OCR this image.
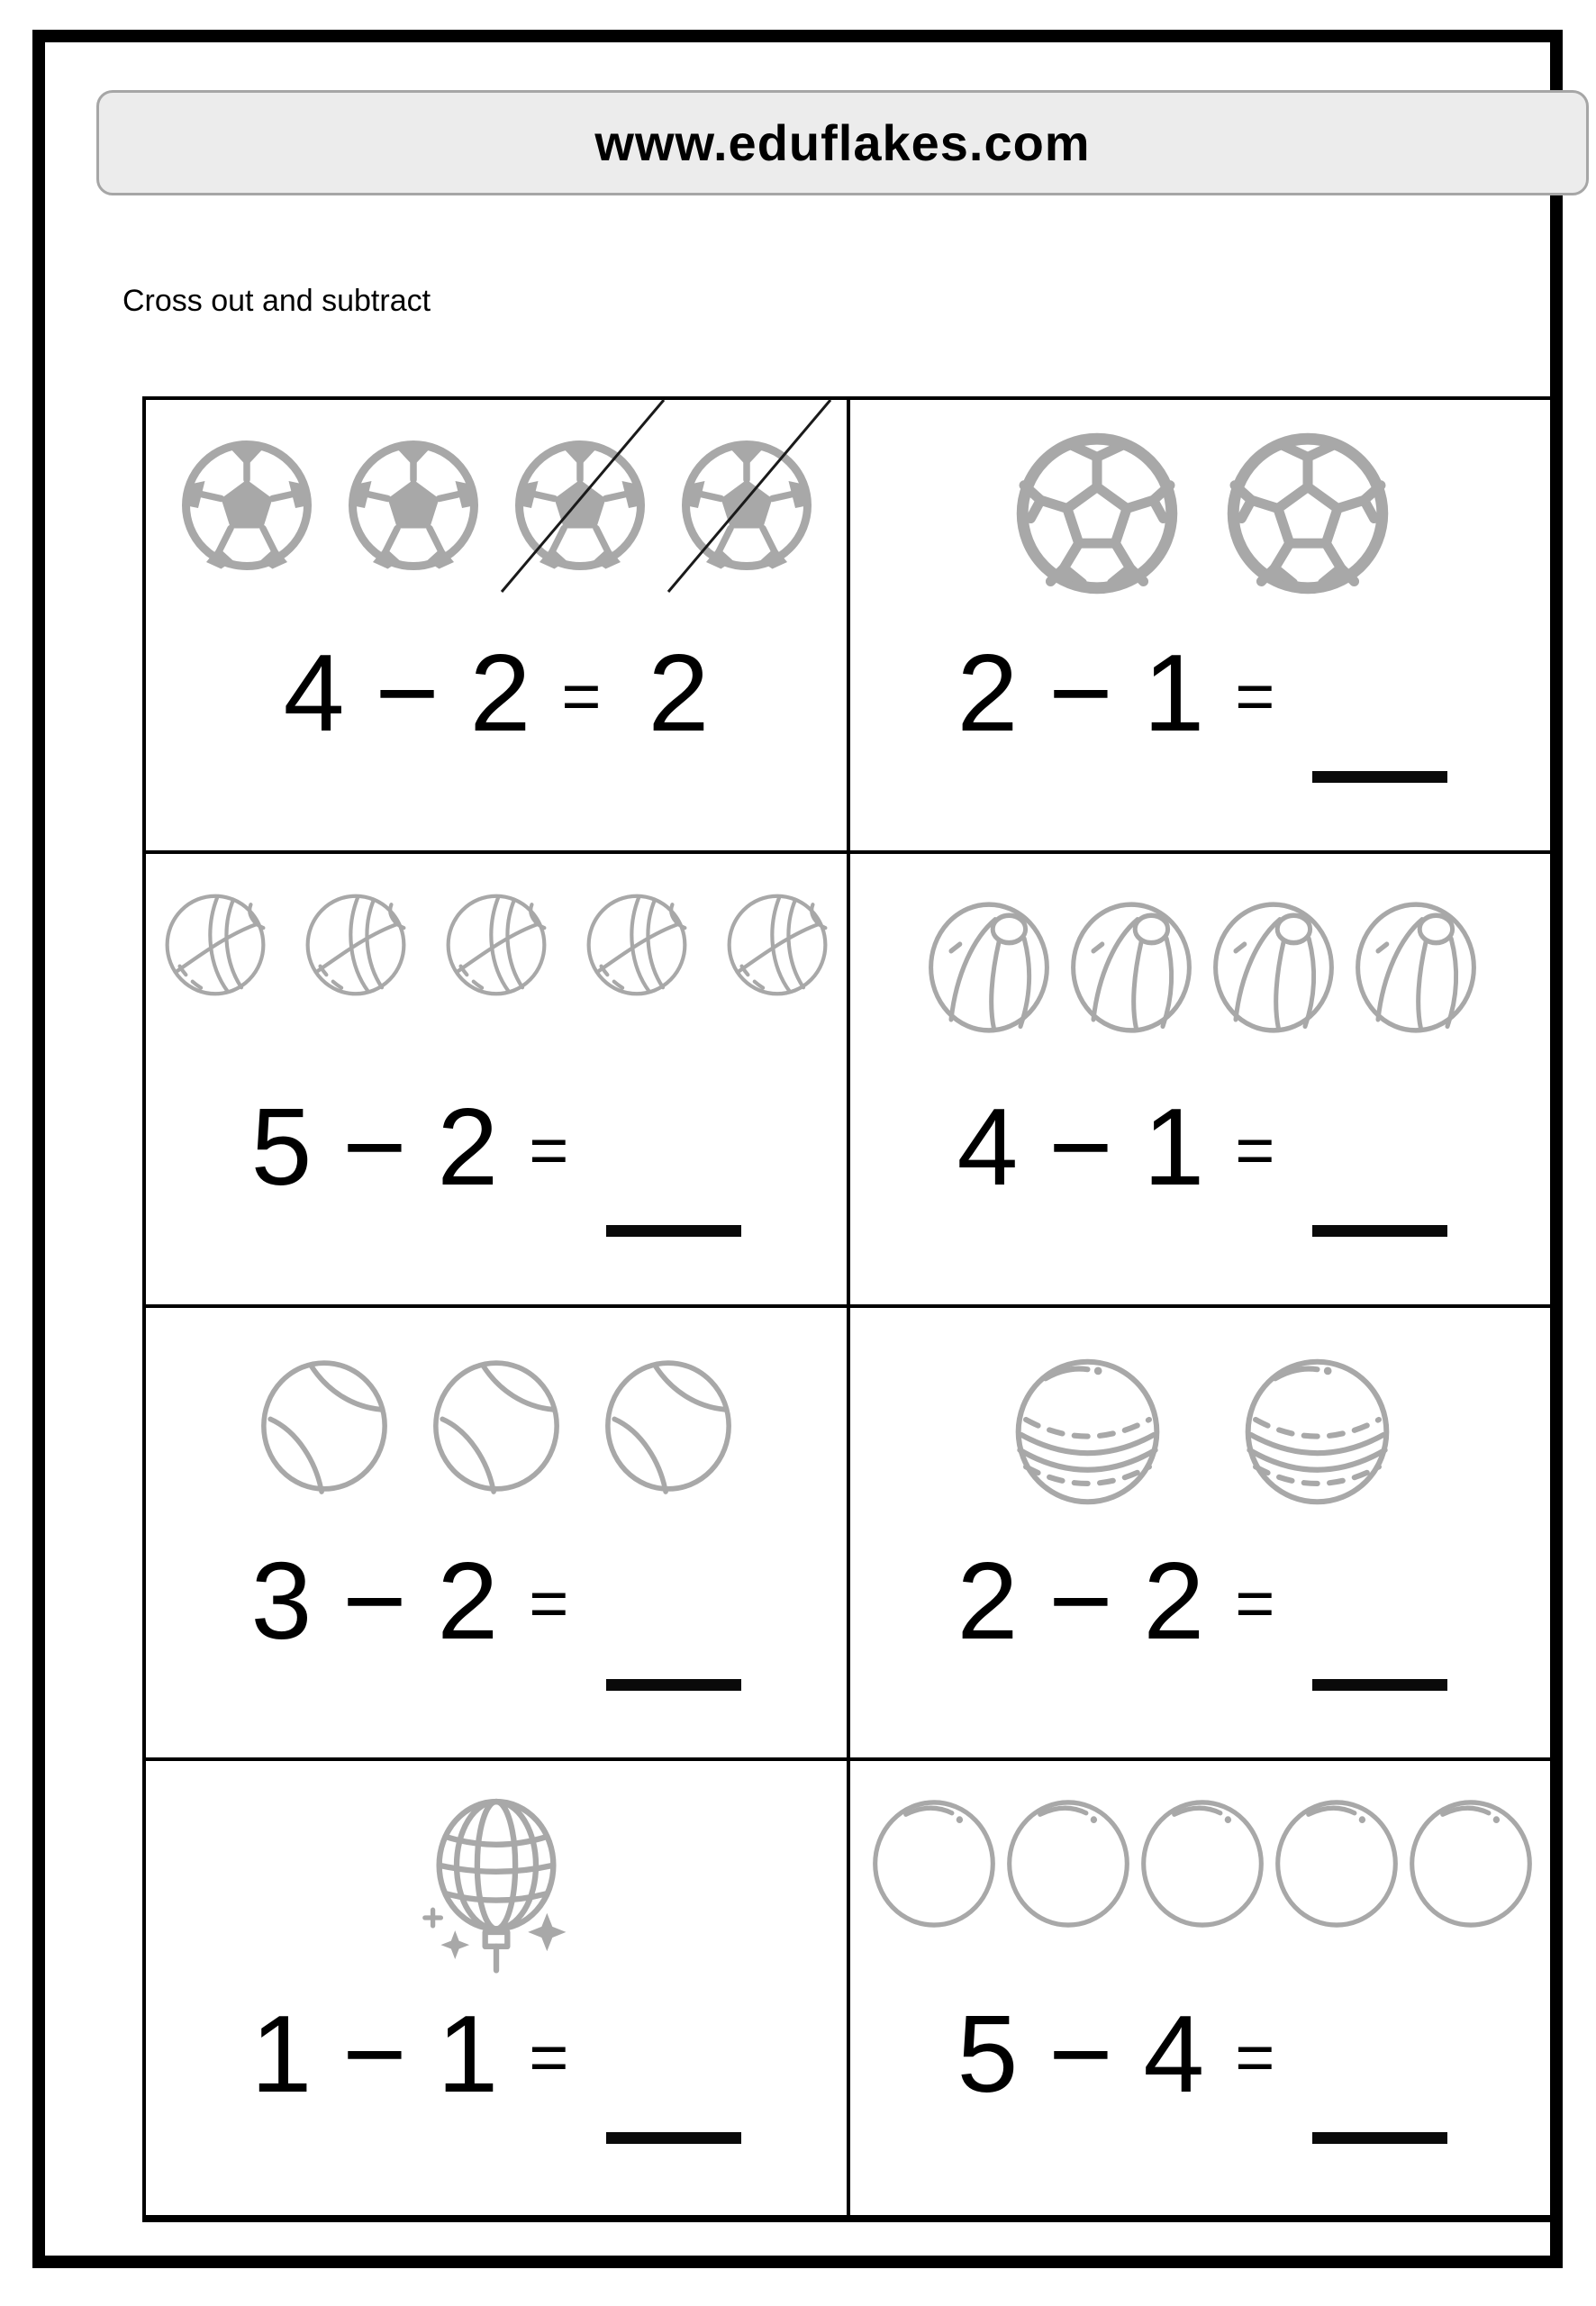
www.eduflakes.com
Cross out and subtract
4 − 2 = 2	2 − 1 =
5 − 2 =	4 − 1 =
3 − 2 =	2 − 2 =
1 − 1 =	5 − 4 =
